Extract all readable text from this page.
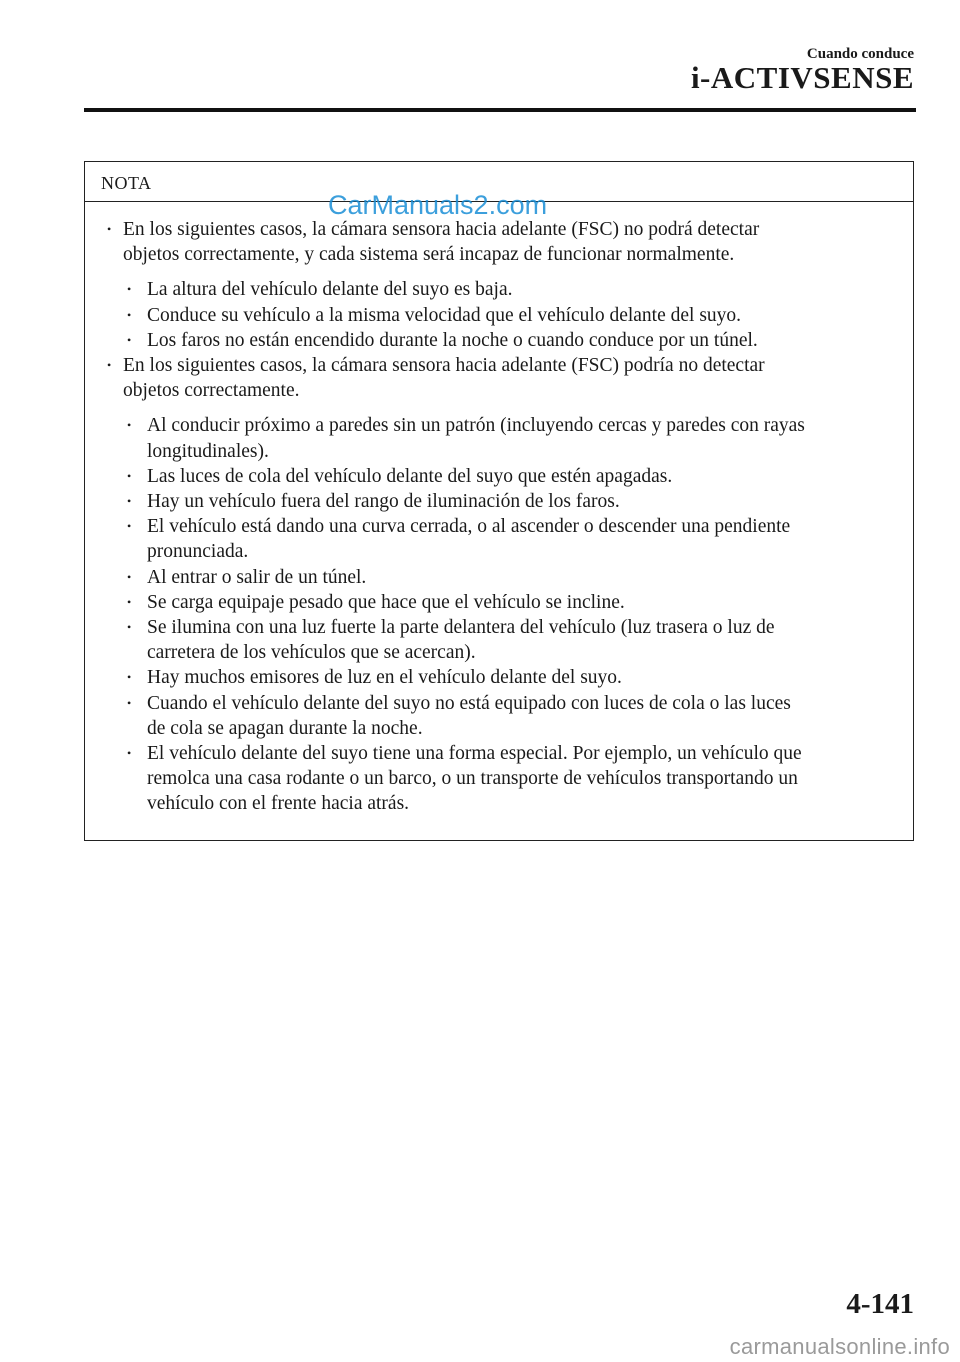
Cuando conduce
i-ACTIVSENSE
NOTA
• En los siguientes casos, la cámara sensora hacia adelante (FSC) no podrá detectar
objetos correctamente, y cada sistema será incapaz de funcionar normalmente.
• La altura del vehículo delante del suyo es baja.
• Conduce su vehículo a la misma velocidad que el vehículo delante del suyo.
• Los faros no están encendido durante la noche o cuando conduce por un túnel.
• En los siguientes casos, la cámara sensora hacia adelante (FSC) podría no detectar
objetos correctamente.
• Al conducir próximo a paredes sin un patrón (incluyendo cercas y paredes con rayas
longitudinales).
• Las luces de cola del vehículo delante del suyo que estén apagadas.
• Hay un vehículo fuera del rango de iluminación de los faros.
• El vehículo está dando una curva cerrada, o al ascender o descender una pendiente
pronunciada.
• Al entrar o salir de un túnel.
• Se carga equipaje pesado que hace que el vehículo se incline.
• Se ilumina con una luz fuerte la parte delantera del vehículo (luz trasera o luz de
carretera de los vehículos que se acercan).
• Hay muchos emisores de luz en el vehículo delante del suyo.
• Cuando el vehículo delante del suyo no está equipado con luces de cola o las luces
de cola se apagan durante la noche.
• El vehículo delante del suyo tiene una forma especial. Por ejemplo, un vehículo que
remolca una casa rodante o un barco, o un transporte de vehículos transportando un
vehículo con el frente hacia atrás.
CarManuals2.com
4-141
carmanualsonline.info
